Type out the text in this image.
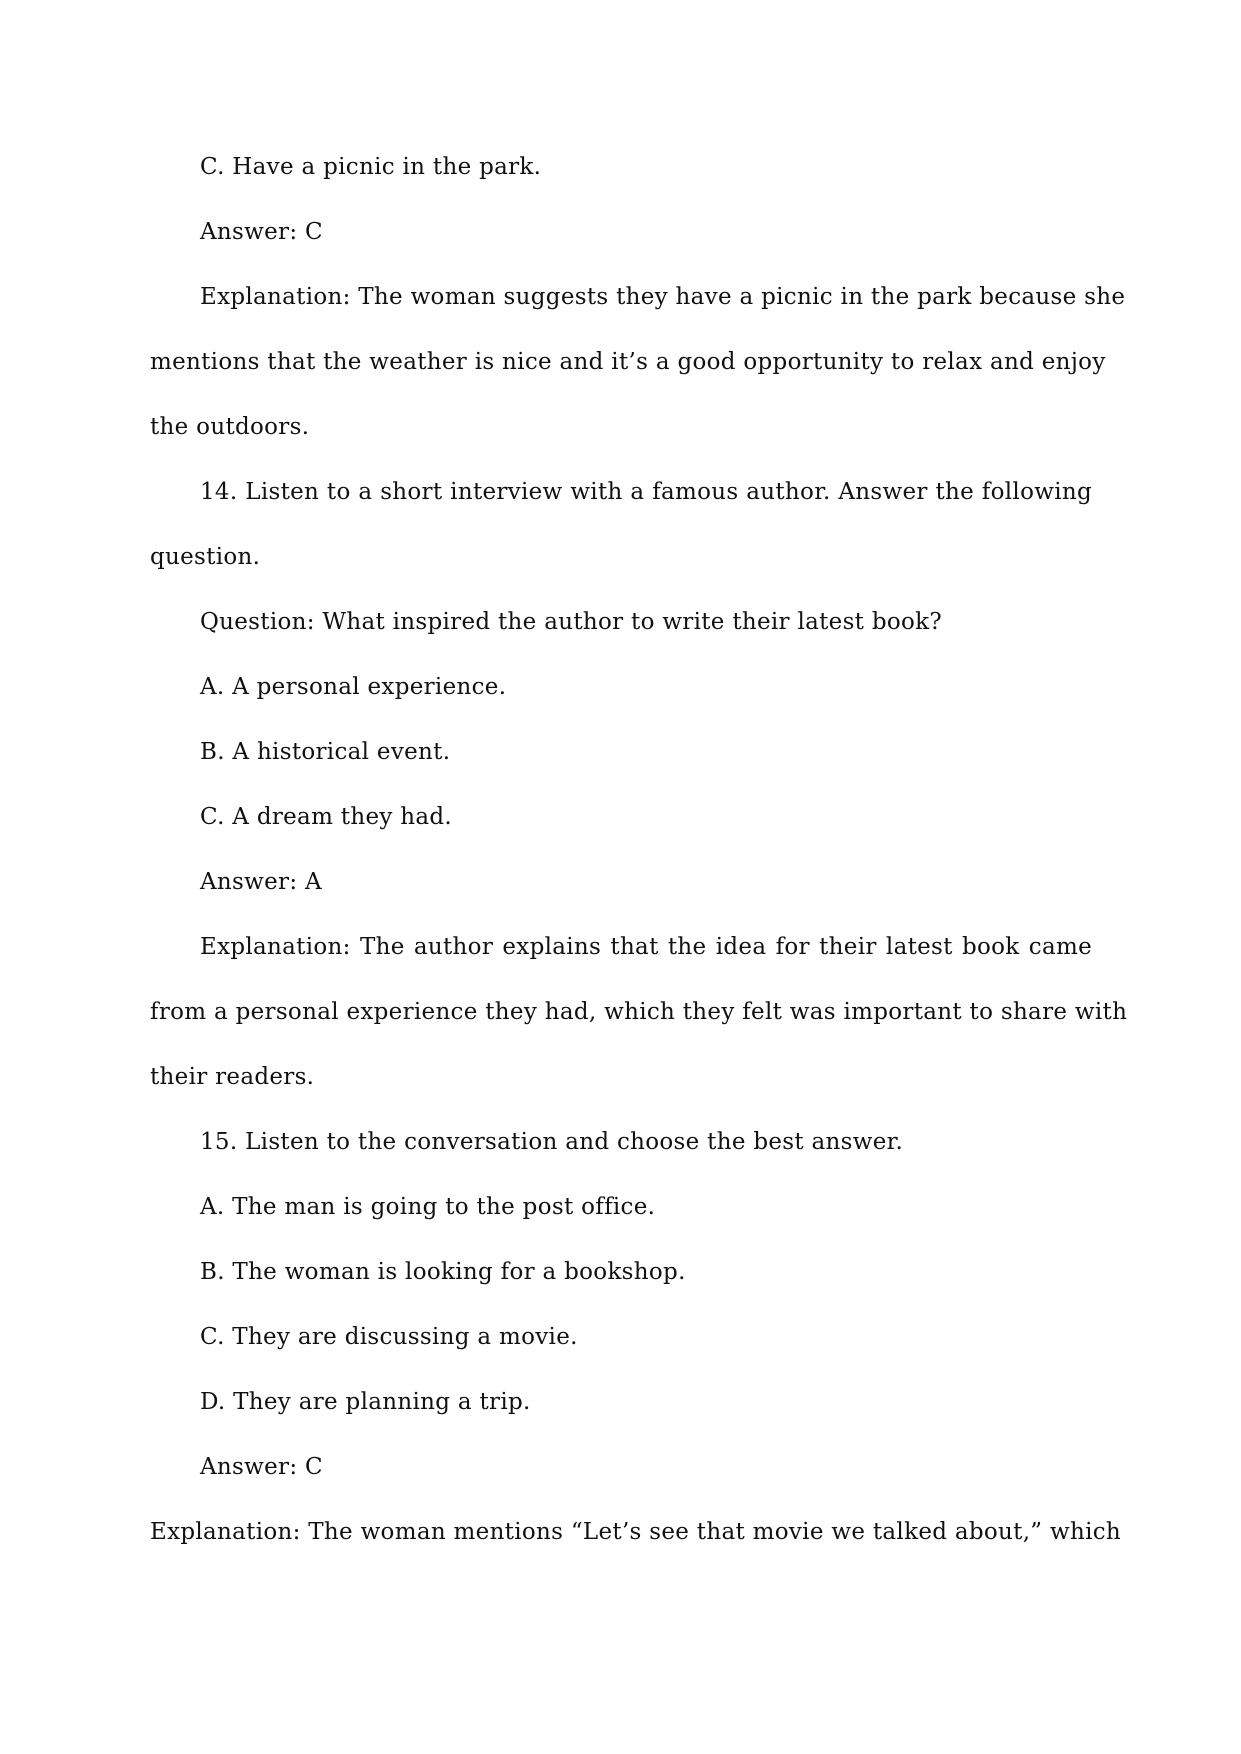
C. Have a picnic in the park.
Answer: C
Explanation: The woman suggests they have a picnic in the park because she
mentions that the weather is nice and it’s a good opportunity to relax and enjoy
the outdoors.
14. Listen to a short interview with a famous author. Answer the following
question.
Question: What inspired the author to write their latest book?
A. A personal experience.
B. A historical event.
C. A dream they had.
Answer: A
Explanation: The author explains that the idea for their latest book came
from a personal experience they had, which they felt was important to share with
their readers.
15. Listen to the conversation and choose the best answer.
A. The man is going to the post office.
B. The woman is looking for a bookshop.
C. They are discussing a movie.
D. They are planning a trip.
Answer: C
Explanation: The woman mentions “Let’s see that movie we talked about,” which
